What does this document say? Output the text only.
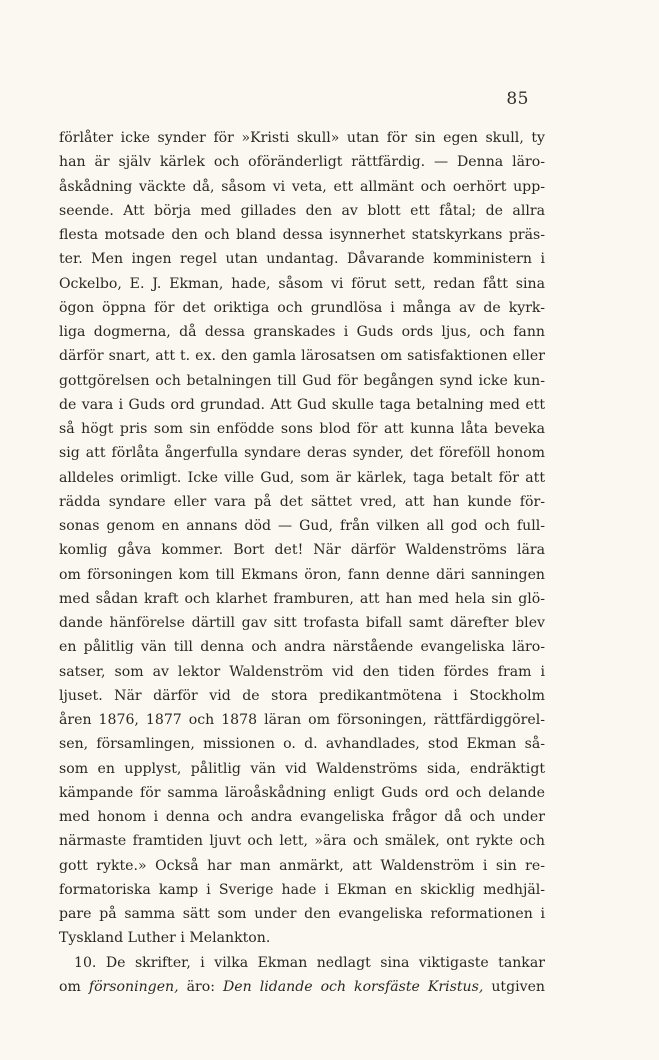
85
förlåter icke synder för »Kristi skull» utan för sin egen skull, ty
han är själv kärlek och oföränderligt rättfärdig. — Denna läro-
åskådning väckte då, såsom vi veta, ett allmänt och oerhört upp-
seende. Att börja med gillades den av blott ett fåtal; de allra
flesta motsade den och bland dessa isynnerhet statskyrkans präs-
ter. Men ingen regel utan undantag. Dåvarande komministern i
Ockelbo, E. J. Ekman, hade, såsom vi förut sett, redan fått sina
ögon öppna för det oriktiga och grundlösa i många av de kyrk-
liga dogmerna, då dessa granskades i Guds ords ljus, och fann
därför snart, att t. ex. den gamla lärosatsen om satisfaktionen eller
gottgörelsen och betalningen till Gud för begången synd icke kun-
de vara i Guds ord grundad. Att Gud skulle taga betalning med ett
så högt pris som sin enfödde sons blod för att kunna låta beveka
sig att förlåta ångerfulla syndare deras synder, det föreföll honom
alldeles orimligt. Icke ville Gud, som är kärlek, taga betalt för att
rädda syndare eller vara på det sättet vred, att han kunde för-
sonas genom en annans död — Gud, från vilken all god och full-
komlig gåva kommer. Bort det! När därför Waldenströms lära
om försoningen kom till Ekmans öron, fann denne däri sanningen
med sådan kraft och klarhet framburen, att han med hela sin glö-
dande hänförelse därtill gav sitt trofasta bifall samt därefter blev
en pålitlig vän till denna och andra närstående evangeliska läro-
satser, som av lektor Waldenström vid den tiden fördes fram i
ljuset. När därför vid de stora predikantmötena i Stockholm
åren 1876, 1877 och 1878 läran om försoningen, rättfärdiggörel-
sen, församlingen, missionen o. d. avhandlades, stod Ekman så-
som en upplyst, pålitlig vän vid Waldenströms sida, endräktigt
kämpande för samma läroåskådning enligt Guds ord och delande
med honom i denna och andra evangeliska frågor då och under
närmaste framtiden ljuvt och lett, »ära och smälek, ont rykte och
gott rykte.» Också har man anmärkt, att Waldenström i sin re-
formatoriska kamp i Sverige hade i Ekman en skicklig medhjäl-
pare på samma sätt som under den evangeliska reformationen i
Tyskland Luther i Melankton.
10. De skrifter, i vilka Ekman nedlagt sina viktigaste tankar
om försoningen, äro: Den lidande och korsfäste Kristus, utgiven
